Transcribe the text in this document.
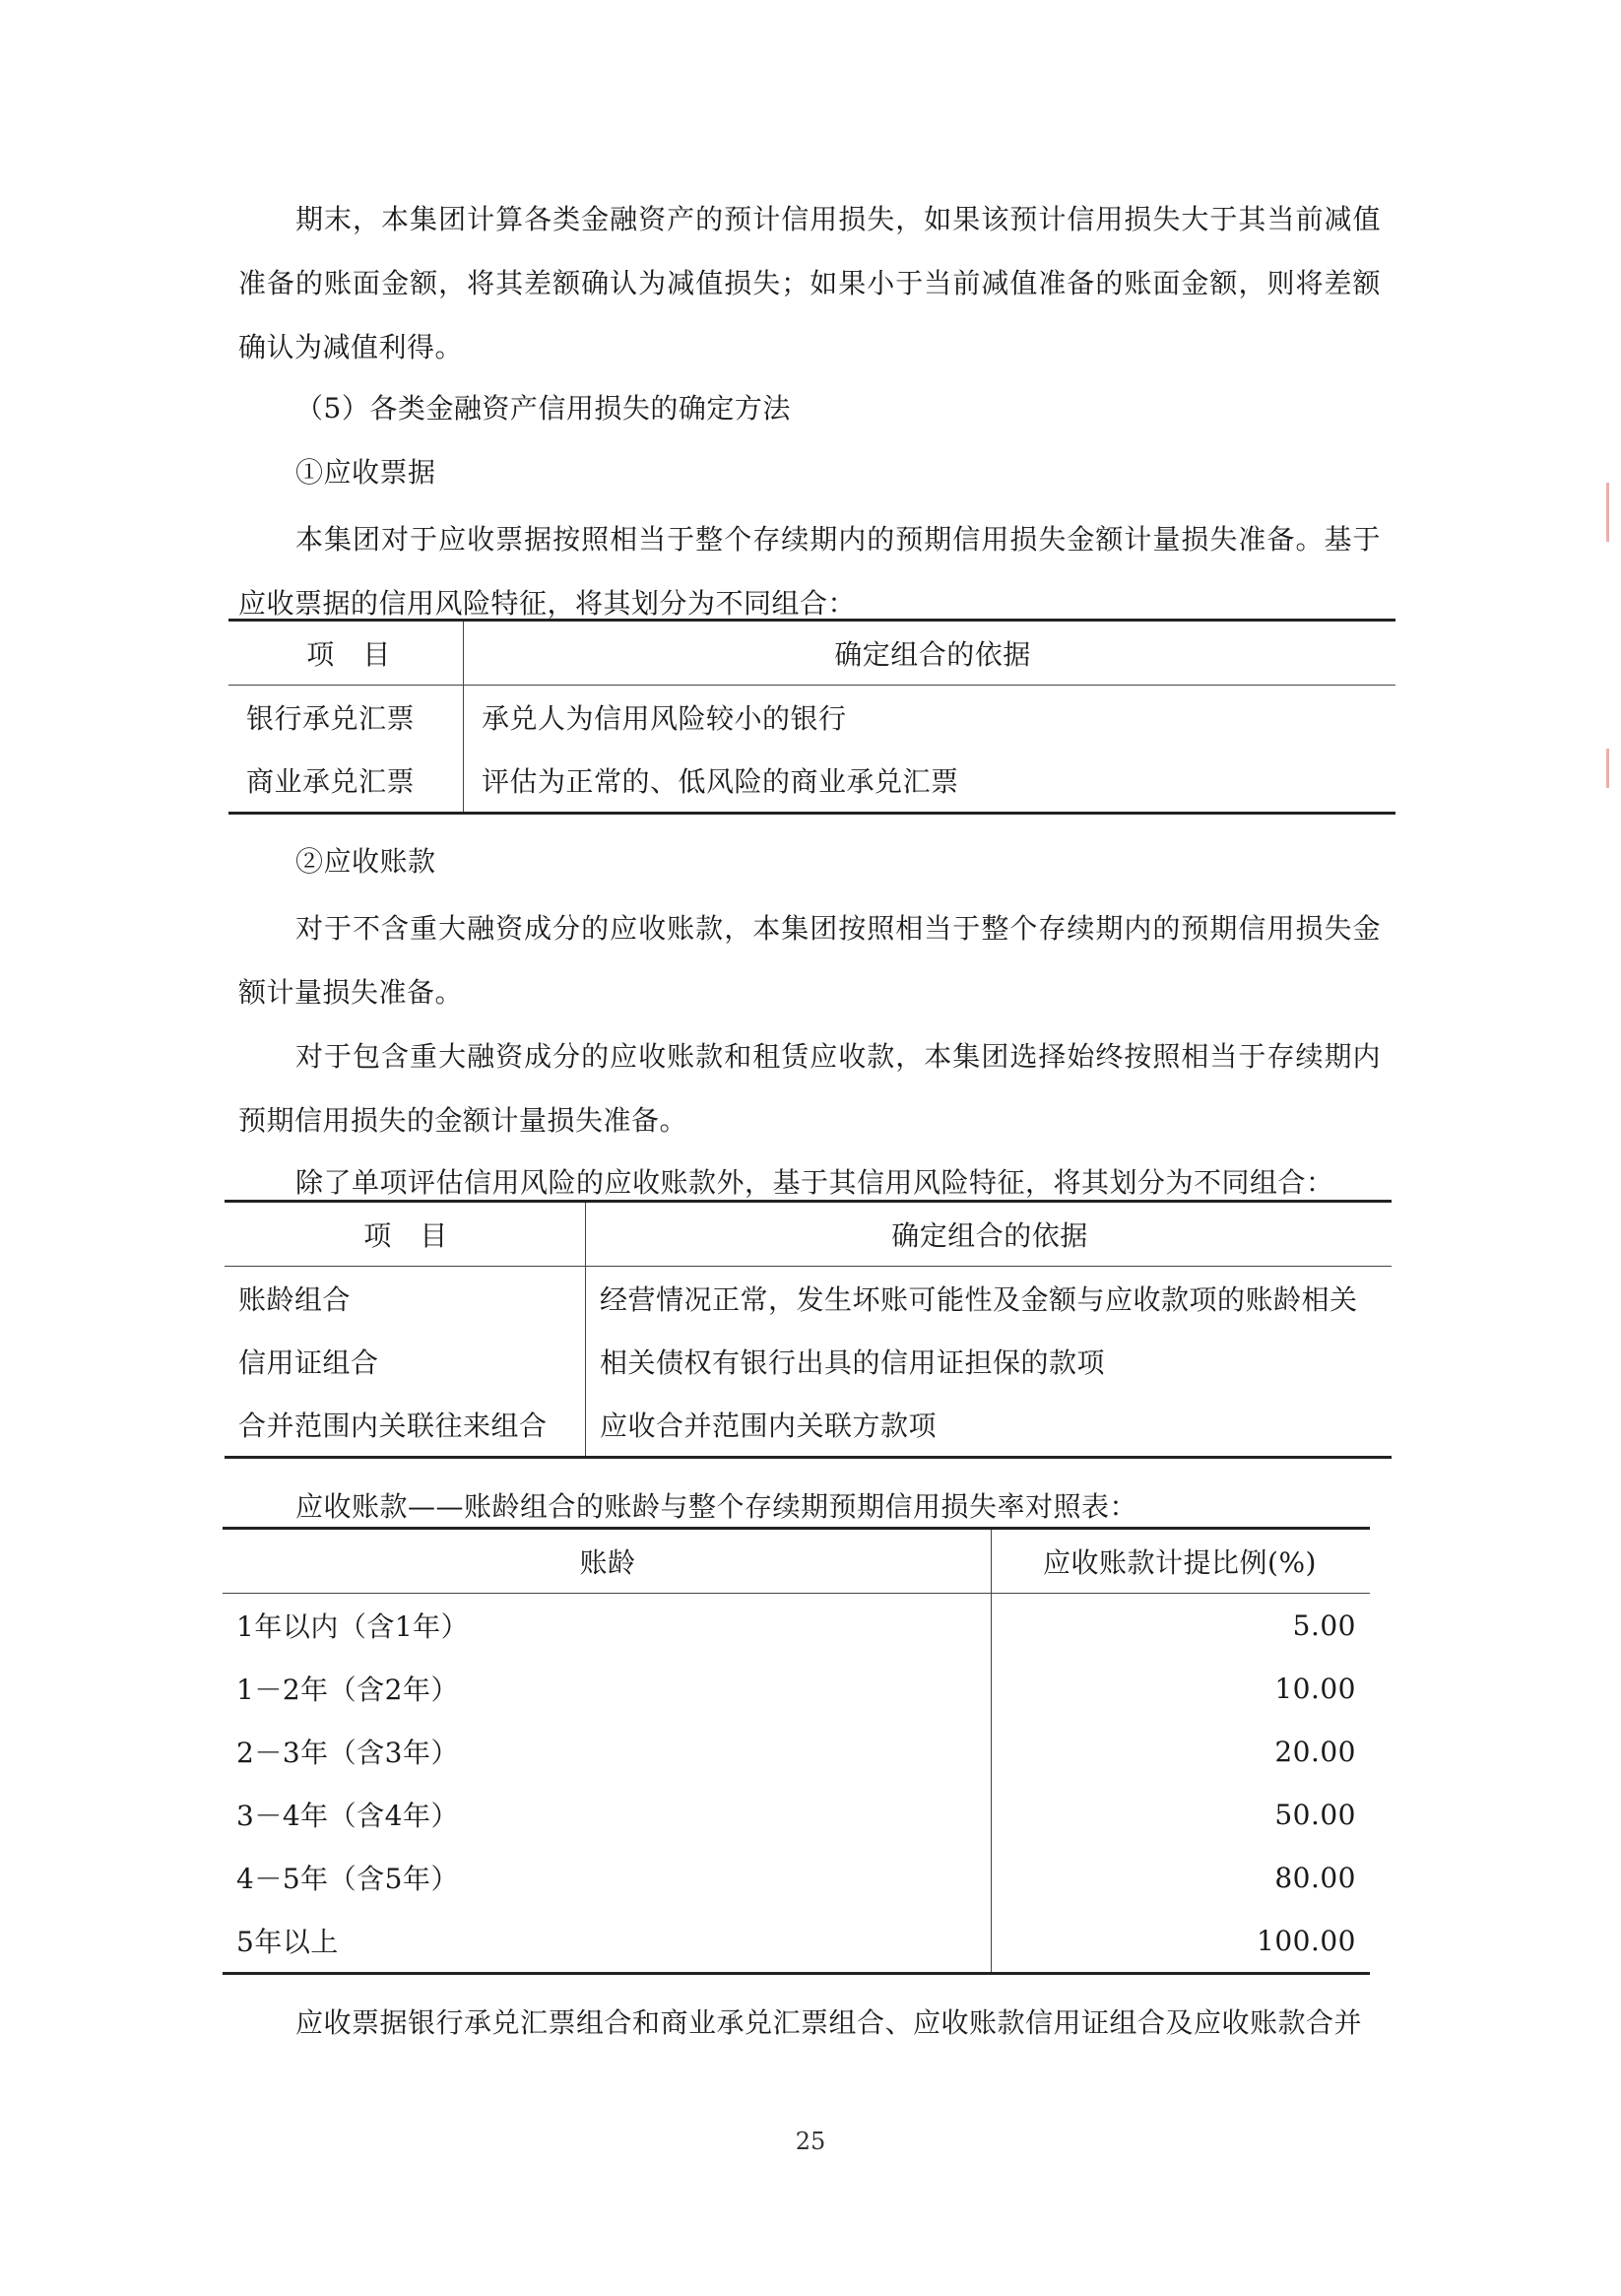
期末，本集团计算各类金融资产的预计信用损失，如果该预计信用损失大于其当前减值准备的账面金额，将其差额确认为减值损失；如果小于当前减值准备的账面金额，则将差额确认为减值利得。
（5）各类金融资产信用损失的确定方法
①应收票据
本集团对于应收票据按照相当于整个存续期内的预期信用损失金额计量损失准备。基于应收票据的信用风险特征，将其划分为不同组合：
项　目	确定组合的依据
银行承兑汇票	承兑人为信用风险较小的银行
商业承兑汇票	评估为正常的、低风险的商业承兑汇票
②应收账款
对于不含重大融资成分的应收账款，本集团按照相当于整个存续期内的预期信用损失金额计量损失准备。
对于包含重大融资成分的应收账款和租赁应收款，本集团选择始终按照相当于存续期内预期信用损失的金额计量损失准备。
除了单项评估信用风险的应收账款外，基于其信用风险特征，将其划分为不同组合：
项　目	确定组合的依据
账龄组合	经营情况正常，发生坏账可能性及金额与应收款项的账龄相关
信用证组合	相关债权有银行出具的信用证担保的款项
合并范围内关联往来组合	应收合并范围内关联方款项
应收账款——账龄组合的账龄与整个存续期预期信用损失率对照表：
账龄	应收账款计提比例(%)
1年以内（含1年）	5.00
1－2年（含2年）	10.00
2－3年（含3年）	20.00
3－4年（含4年）	50.00
4－5年（含5年）	80.00
5年以上	100.00
应收票据银行承兑汇票组合和商业承兑汇票组合、应收账款信用证组合及应收账款合并
25
